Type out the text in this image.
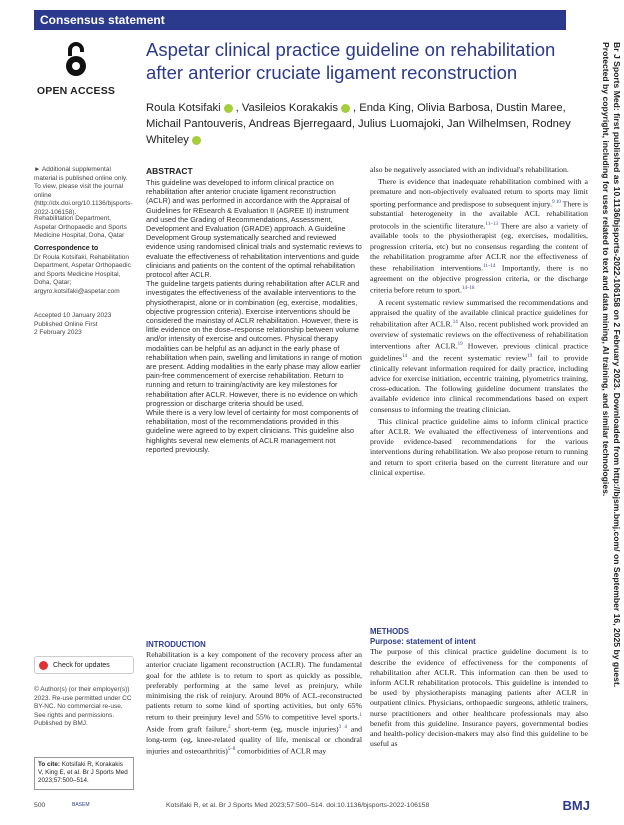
Consensus statement
OPEN ACCESS
Aspetar clinical practice guideline on rehabilitation after anterior cruciate ligament reconstruction
Roula Kotsifaki , Vasileios Korakakis , Enda King, Olivia Barbosa, Dustin Maree, Michail Pantouveris, Andreas Bjerregaard, Julius Luomajoki, Jan Wilhelmsen, Rodney Whiteley
► Additional supplemental material is published online only. To view, please visit the journal online (http://dx.doi.org/10.1136/bjsports-2022-106158).
Rehabilitation Department, Aspetar Orthopaedic and Sports Medicine Hospital, Doha, Qatar
Correspondence to
Dr Roula Kotsifaki, Rehabilitation Department, Aspetar Orthopaedic and Sports Medicine Hospital, Doha, Qatar; argyro.kotsifaki@aspetar.com
Accepted 10 January 2023
Published Online First
2 February 2023
Check for updates
© Author(s) (or their employer(s)) 2023. Re-use permitted under CC BY-NC. No commercial re-use. See rights and permissions. Published by BMJ.
To cite: Kotsifaki R, Korakakis V, King E, et al. Br J Sports Med 2023;57:500–514.
ABSTRACT

This guideline was developed to inform clinical practice on rehabilitation after anterior cruciate ligament reconstruction (ACLR) and was performed in accordance with the Appraisal of Guidelines for REsearch & Evaluation II (AGREE II) instrument and used the Grading of Recommendations, Assessment, Development and Evaluation (GRADE) approach. A Guideline Development Group systematically searched and reviewed evidence using randomised clinical trials and systematic reviews to evaluate the effectiveness of rehabilitation interventions and guide clinicians and patients on the content of the optimal rehabilitation protocol after ACLR.

The guideline targets patients during rehabilitation after ACLR and investigates the effectiveness of the available interventions to the physiotherapist, alone or in combination (eg, exercise, modalities, objective progression criteria). Exercise interventions should be considered the mainstay of ACLR rehabilitation. However, there is little evidence on the dose–response relationship between volume and/or intensity of exercise and outcomes. Physical therapy modalities can be helpful as an adjunct in the early phase of rehabilitation when pain, swelling and limitations in range of motion are present. Adding modalities in the early phase may allow earlier pain-free commencement of exercise rehabilitation. Return to running and return to training/activity are key milestones for rehabilitation after ACLR. However, there is no evidence on which progression or discharge criteria should be used.

While there is a very low level of certainty for most components of rehabilitation, most of the recommendations provided in this guideline were agreed to by expert clinicians. This guideline also highlights several new elements of ACLR management not reported previously.

also be negatively associated with an individual's rehabilitation.

There is evidence that inadequate rehabilitation combined with a premature and non-objectively evaluated return to sports may limit sporting performance and predispose to subsequent injury.$^{9 10}$ There is substantial heterogeneity in the available ACL rehabilitation protocols in the scientific literature.$^{11-13}$ There are also a variety of available tools to the physiotherapist (eg, exercises, modalities, progression criteria, etc) but no consensus regarding the content of the rehabilitation programme after ACLR nor the effectiveness of these rehabilitation interventions.$^{11-14}$ Importantly, there is no agreement on the objective progression criteria, or the discharge criteria before return to sport.$^{14-18}$

A recent systematic review summarised the recommendations and appraised the quality of the available clinical practice guidelines for rehabilitation after ACLR.$^{14}$ Also, recent published work provided an overview of systematic reviews on the effectiveness of rehabilitation interventions after ACLR.$^{19}$ However, previous clinical practice guidelines$^{14}$ and the recent systematic review$^{19}$ fail to provide clinically relevant information required for daily practice, including advice for exercise initiation, eccentric training, plyometrics training, cross-education. The following guideline document translates the available evidence into clinical recommendations based on expert consensus to informing the treating clinician.

This clinical practice guideline aims to inform clinical practice after ACLR. We evaluated the effectiveness of interventions and provide evidence-based recommendations for the various interventions during rehabilitation. We also propose return to running and return to sport criteria based on the current literature and our clinical expertise.

INTRODUCTION

Rehabilitation is a key component of the recovery process after an anterior cruciate ligament reconstruction (ACLR). The fundamental goal for the athlete is to return to sport as quickly as possible, preferably performing at the same level as preinjury, while minimising the risk of reinjury. Around 80% of ACL-reconstructed patients return to some kind of sporting activities, but only 65% return to their preinjury level and 55% to competitive level sports.$^1$ Aside from graft failure,$^2$ short-term (eg, muscle injuries)$^{3 4}$ and long-term (eg, knee-related quality of life, meniscal or chondral injuries and osteoarthritis)$^{5-8}$ comorbidities of ACLR may

METHODS
Purpose: statement of intent

The purpose of this clinical practice guideline document is to describe the evidence of effectiveness for the components of rehabilitation after ACLR. This information can then be used to inform ACLR rehabilitation protocols. This guideline is intended to be used by physiotherapists managing patients after ACLR in outpatient clinics. Physicians, orthopaedic surgeons, athletic trainers, nurse practitioners and other healthcare professionals may also benefit from this guideline. Insurance payers, governmental bodies and health-policy decision-makers may also find this guideline to be useful as

500	BASEM	Kotsifaki R, et al. Br J Sports Med 2023;57:500–514. doi:10.1136/bjsports-2022-106158	BMJ
Br J Sports Med: first published as 10.1136/bjsports-2022-106158 on 2 February 2023. Downloaded from http://bjsm.bmj.com/ on September 16, 2025 by guest.
Protected by copyright, including for uses related to text and data mining, AI training, and similar technologies.
